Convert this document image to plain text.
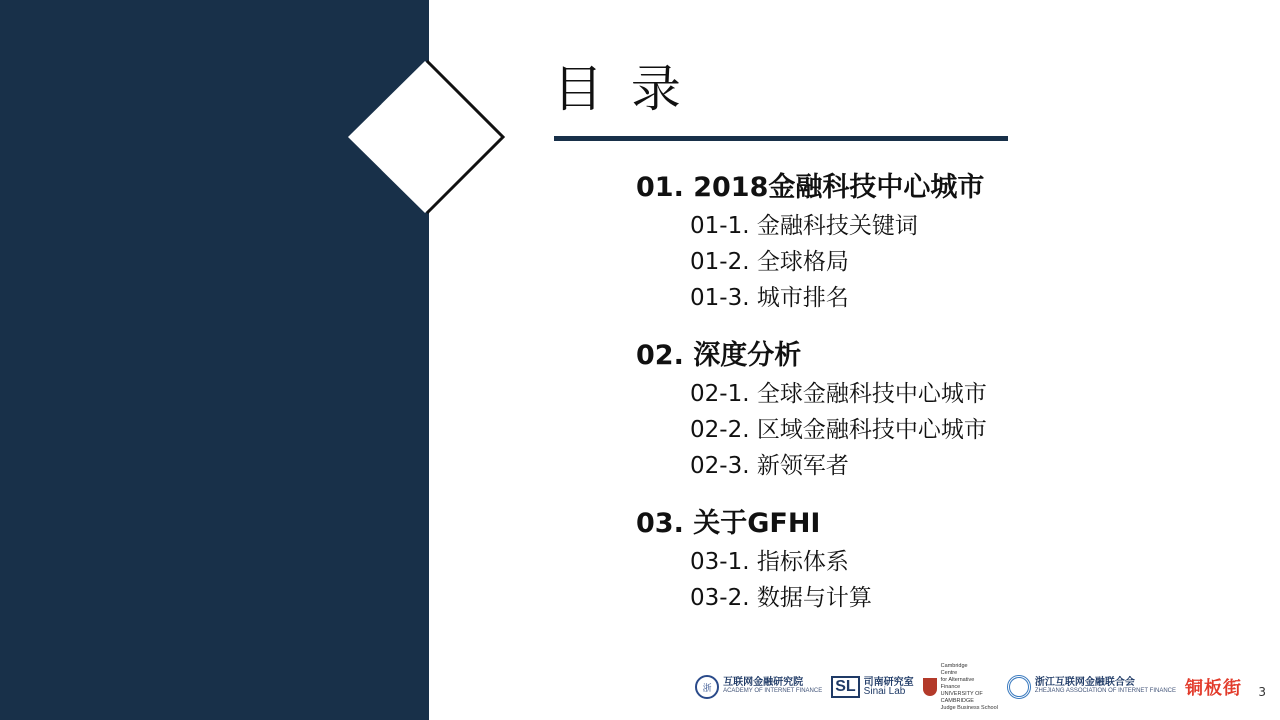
目 录
01. 2018金融科技中心城市
01-1. 金融科技关键词
01-2. 全球格局
01-3. 城市排名
02. 深度分析
02-1. 全球金融科技中心城市
02-2. 区域金融科技中心城市
02-3. 新领军者
03. 关于GFHI
03-1. 指标体系
03-2. 数据与计算
浙	互联网金融研究院
ACADEMY OF INTERNET FINANCE SL 司南研究室
Sinai Lab
Cambridge
Centre
for Alternative
Finance
UNIVERSITY OF
CAMBRIDGE
Judge Business School
浙江互联网金融联合会
ZHEJIANG ASSOCIATION OF INTERNET FINANCE 铜板街 3
